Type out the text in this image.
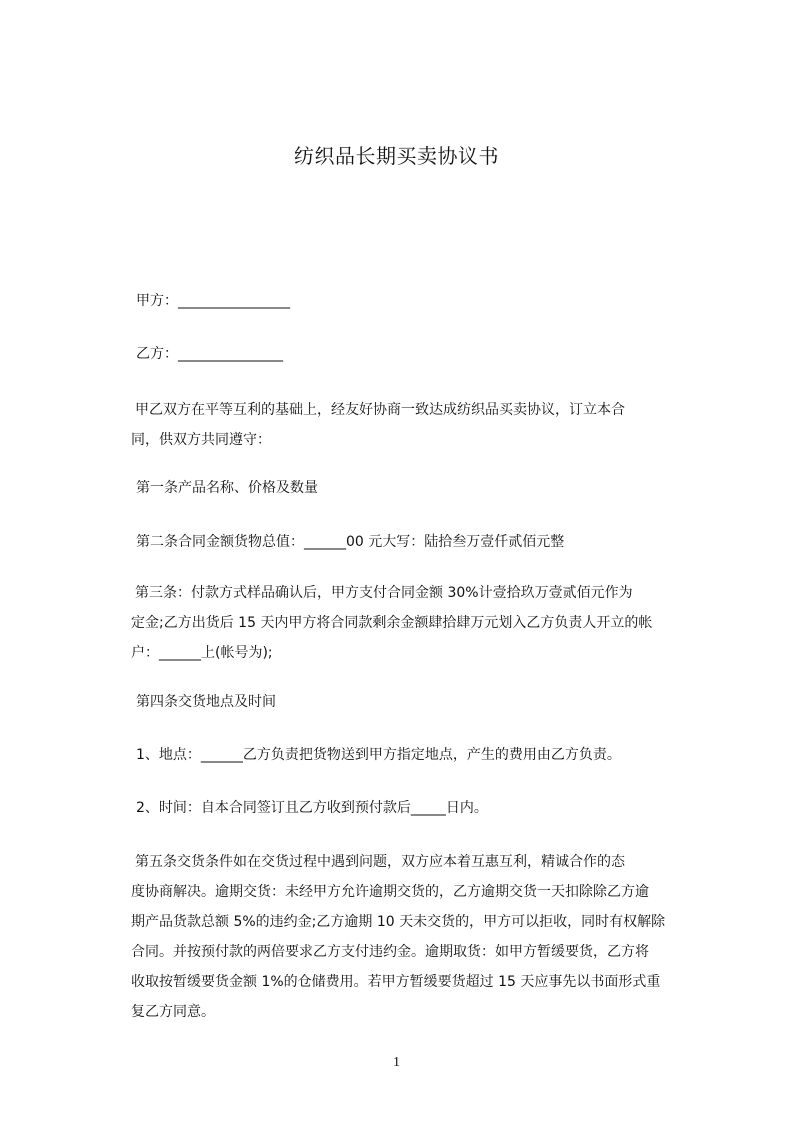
纺织品长期买卖协议书
甲方：________________
乙方：_______________
甲乙双方在平等互利的基础上，经友好协商一致达成纺织品买卖协议，订立本合
同，供双方共同遵守：
第一条产品名称、价格及数量
第二条合同金额货物总值：______00 元大写：陆拾叁万壹仟贰佰元整
第三条：付款方式样品确认后，甲方支付合同金额 30%计壹拾玖万壹贰佰元作为
定金;乙方出货后 15 天内甲方将合同款剩余金额肆拾肆万元划入乙方负责人开立的帐
户：______上(帐号为);
第四条交货地点及时间
1、地点：______乙方负责把货物送到甲方指定地点，产生的费用由乙方负责。
2、时间：自本合同签订且乙方收到预付款后_____日内。
第五条交货条件如在交货过程中遇到问题，双方应本着互惠互利，精诚合作的态
度协商解决。逾期交货：未经甲方允许逾期交货的，乙方逾期交货一天扣除除乙方逾
期产品货款总额 5%的违约金;乙方逾期 10 天未交货的，甲方可以拒收，同时有权解除
合同。并按预付款的两倍要求乙方支付违约金。逾期取货：如甲方暂缓要货，乙方将
收取按暂缓要货金额 1%的仓储费用。若甲方暂缓要货超过 15 天应事先以书面形式重
复乙方同意。
1
